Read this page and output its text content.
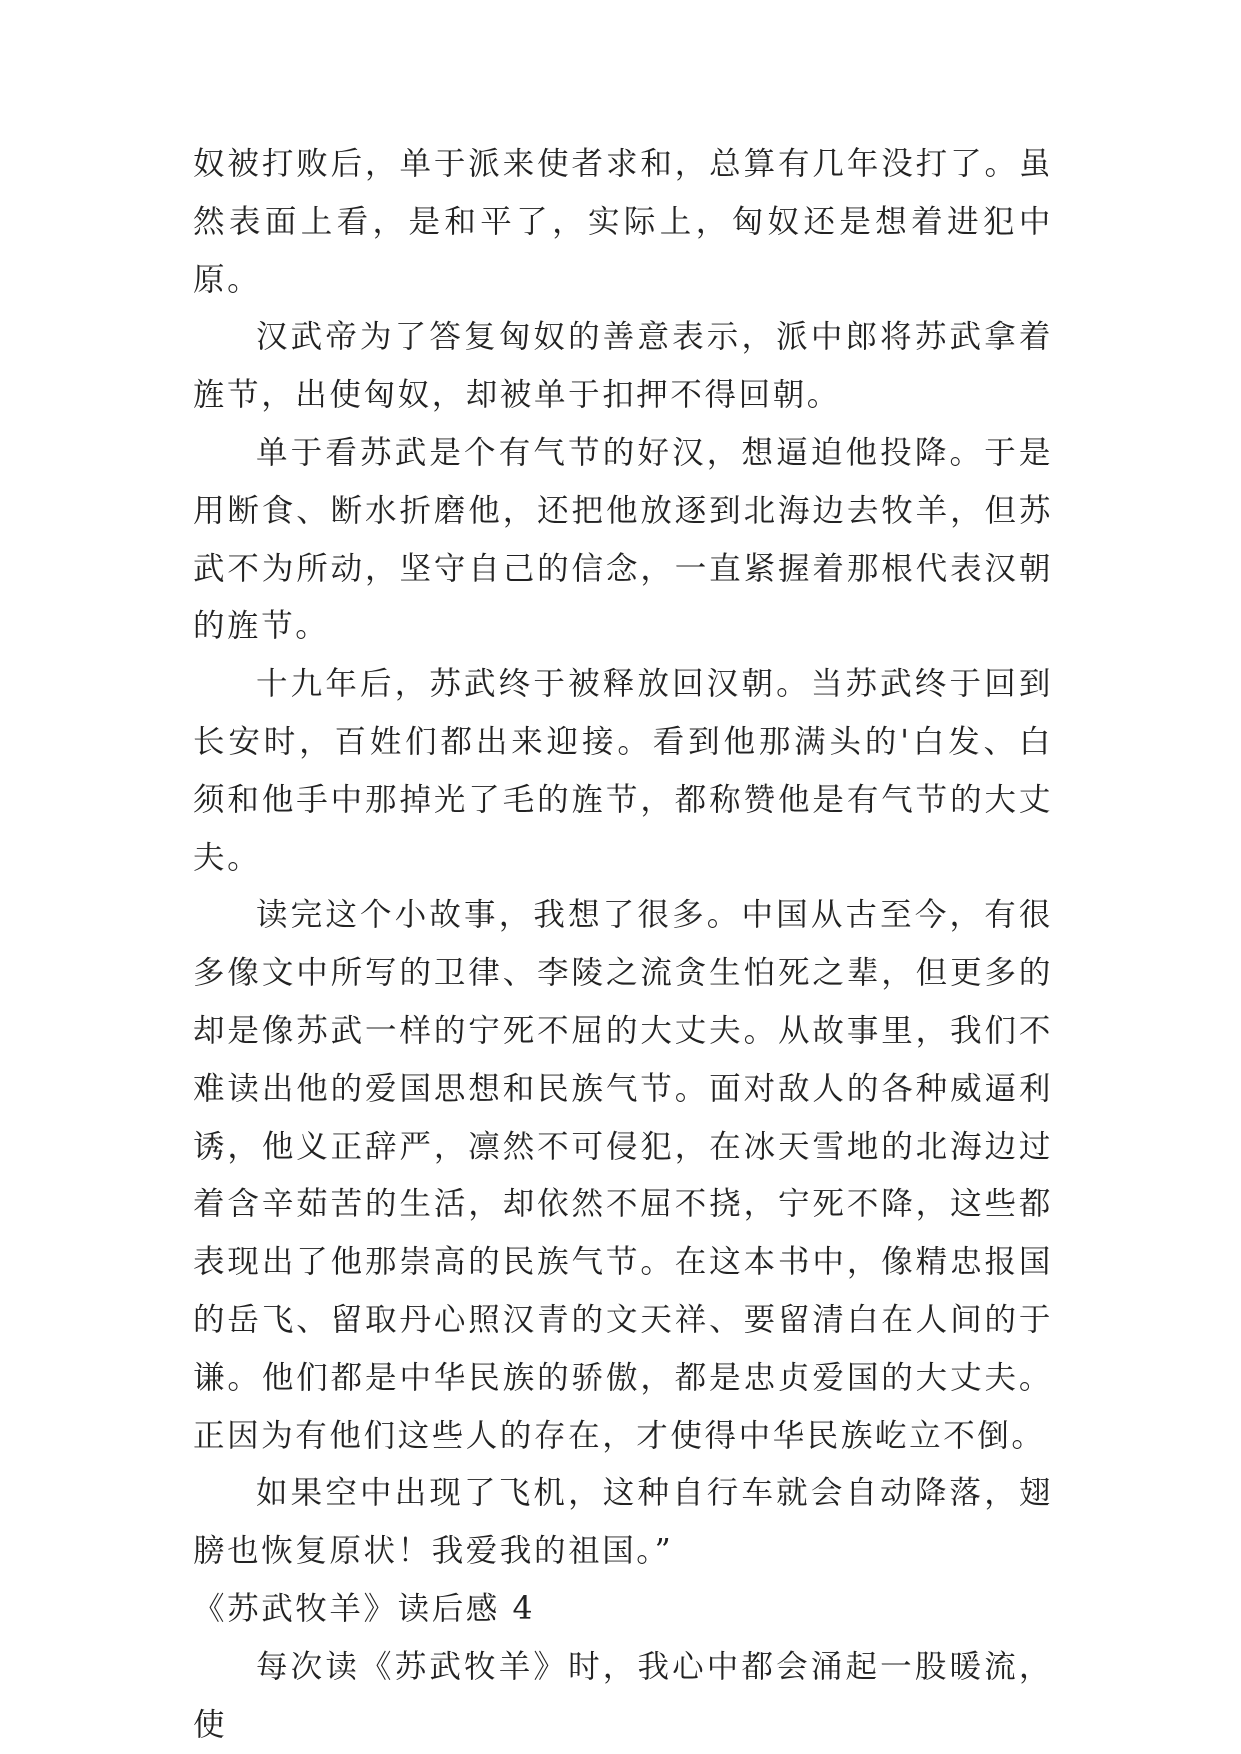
奴被打败后，单于派来使者求和，总算有几年没打了。虽然表面上看，是和平了，实际上，匈奴还是想着进犯中原。

汉武帝为了答复匈奴的善意表示，派中郎将苏武拿着旌节，出使匈奴，却被单于扣押不得回朝。

单于看苏武是个有气节的好汉，想逼迫他投降。于是用断食、断水折磨他，还把他放逐到北海边去牧羊，但苏武不为所动，坚守自己的信念，一直紧握着那根代表汉朝的旌节。

十九年后，苏武终于被释放回汉朝。当苏武终于回到长安时，百姓们都出来迎接。看到他那满头的'白发、白须和他手中那掉光了毛的旌节，都称赞他是有气节的大丈夫。

读完这个小故事，我想了很多。中国从古至今，有很多像文中所写的卫律、李陵之流贪生怕死之辈，但更多的却是像苏武一样的宁死不屈的大丈夫。从故事里，我们不难读出他的爱国思想和民族气节。面对敌人的各种威逼利诱，他义正辞严，凛然不可侵犯，在冰天雪地的北海边过着含辛茹苦的生活，却依然不屈不挠，宁死不降，这些都表现出了他那崇高的民族气节。在这本书中，像精忠报国的岳飞、留取丹心照汉青的文天祥、要留清白在人间的于谦。他们都是中华民族的骄傲，都是忠贞爱国的大丈夫。正因为有他们这些人的存在，才使得中华民族屹立不倒。

如果空中出现了飞机，这种自行车就会自动降落，翅膀也恢复原状！我爱我的祖国。”

《苏武牧羊》读后感 4

每次读《苏武牧羊》时，我心中都会涌起一股暖流，使
